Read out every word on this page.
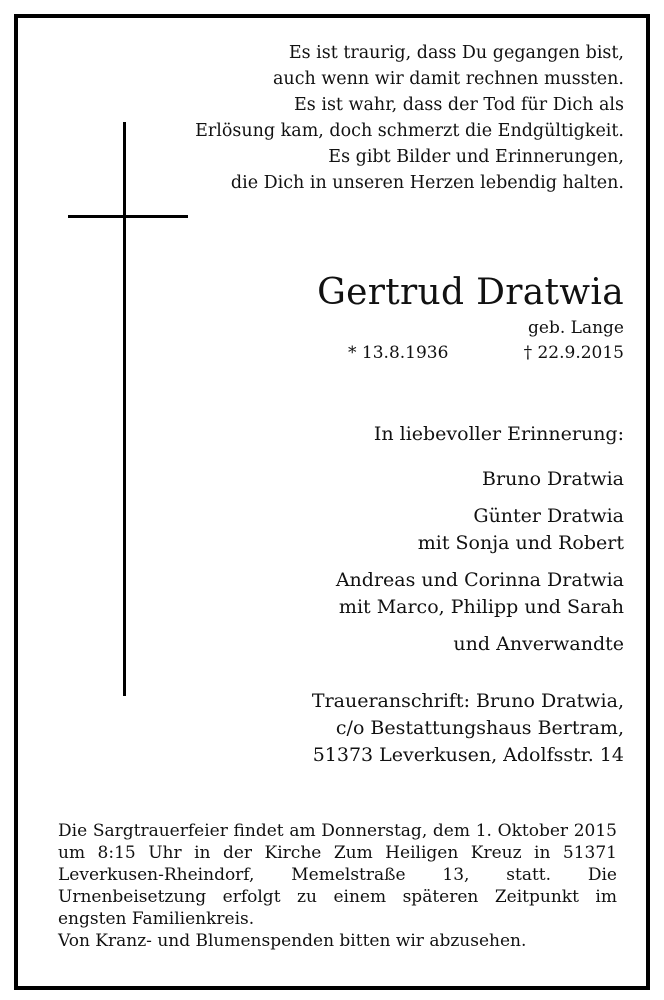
Es ist traurig, dass Du gegangen bist,
auch wenn wir damit rechnen mussten.
Es ist wahr, dass der Tod für Dich als
Erlösung kam, doch schmerzt die Endgültigkeit.
Es gibt Bilder und Erinnerungen,
die Dich in unseren Herzen lebendig halten.
Gertrud Dratwia
geb. Lange
* 13.8.1936	† 22.9.2015
In liebevoller Erinnerung:
Bruno Dratwia
Günter Dratwia
mit Sonja und Robert
Andreas und Corinna Dratwia
mit Marco, Philipp und Sarah
und Anverwandte
Traueranschrift: Bruno Dratwia,
c/o Bestattungshaus Bertram,
51373 Leverkusen, Adolfsstr. 14

Die Sargtrauerfeier findet am Donnerstag, dem 1. Oktober 2015 um 8:15 Uhr in der Kirche Zum Heiligen Kreuz in 51371 Leverkusen-Rheindorf, Memelstraße 13, statt. Die Urnenbeisetzung erfolgt zu einem späteren Zeitpunkt im engsten Familienkreis.

Von Kranz- und Blumenspenden bitten wir abzusehen.
